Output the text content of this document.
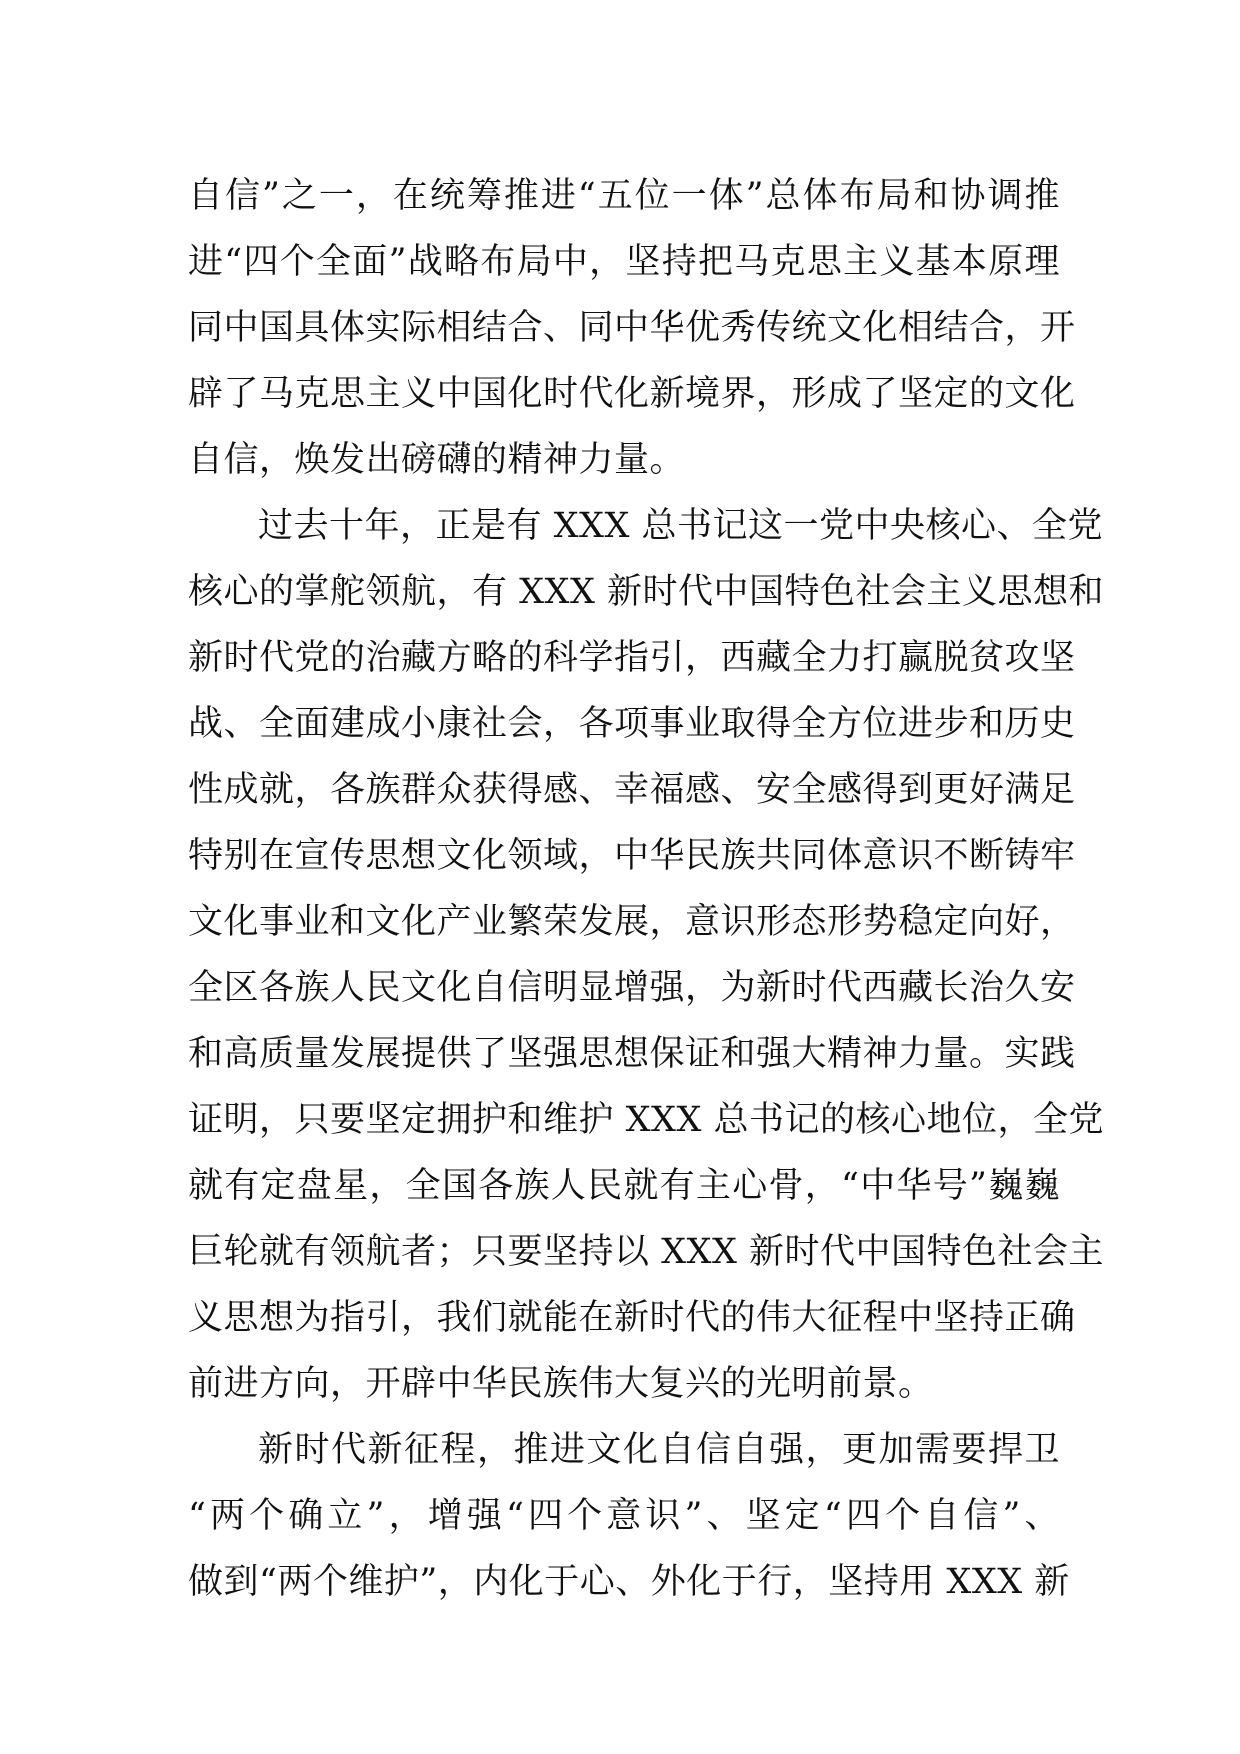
自信”之一，在统筹推进“五位一体”总体布局和协调推
进“四个全面”战略布局中，坚持把马克思主义基本原理
同中国具体实际相结合、同中华优秀传统文化相结合，开
辟了马克思主义中国化时代化新境界，形成了坚定的文化
自信，焕发出磅礴的精神力量。
过去十年，正是有 XXX 总书记这一党中央核心、全党
核心的掌舵领航，有 XXX 新时代中国特色社会主义思想和
新时代党的治藏方略的科学指引，西藏全力打赢脱贫攻坚
战、全面建成小康社会，各项事业取得全方位进步和历史
性成就，各族群众获得感、幸福感、安全感得到更好满足
特别在宣传思想文化领域，中华民族共同体意识不断铸牢
文化事业和文化产业繁荣发展，意识形态形势稳定向好，
全区各族人民文化自信明显增强，为新时代西藏长治久安
和高质量发展提供了坚强思想保证和强大精神力量。实践
证明，只要坚定拥护和维护 XXX 总书记的核心地位，全党
就有定盘星，全国各族人民就有主心骨，“中华号”巍巍
巨轮就有领航者；只要坚持以 XXX 新时代中国特色社会主
义思想为指引，我们就能在新时代的伟大征程中坚持正确
前进方向，开辟中华民族伟大复兴的光明前景。
新时代新征程，推进文化自信自强，更加需要捍卫
“两个确立”，增强“四个意识”、坚定“四个自信”、
做到“两个维护”，内化于心、外化于行，坚持用 XXX 新
